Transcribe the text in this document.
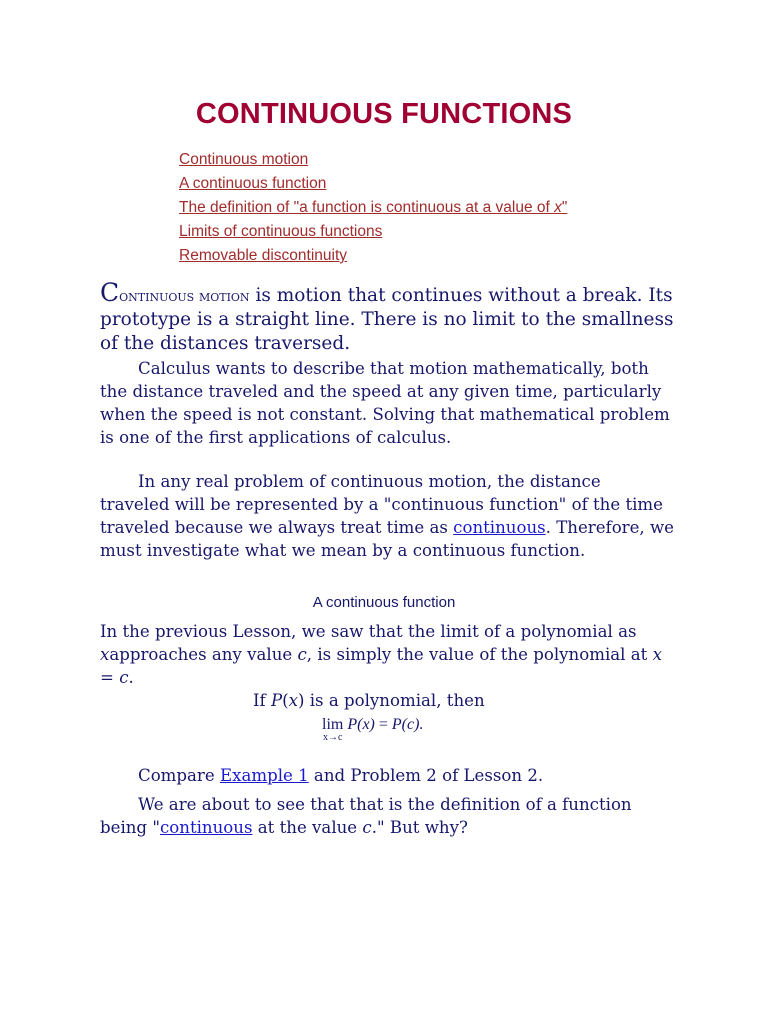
CONTINUOUS FUNCTIONS
Continuous motion
A continuous function
The definition of "a function is continuous at a value of x"
Limits of continuous functions
Removable discontinuity

Continuous motion is motion that continues without a break. Its prototype is a straight line. There is no limit to the smallness of the distances traversed.

Calculus wants to describe that motion mathematically, both the distance traveled and the speed at any given time, particularly when the speed is not constant. Solving that mathematical problem is one of the first applications of calculus.

In any real problem of continuous motion, the distance traveled will be represented by a "continuous function" of the time traveled because we always treat time as continuous. Therefore, we must investigate what we mean by a continuous function.

A continuous function

In the previous Lesson, we saw that the limit of a polynomial as xapproaches any value c, is simply the value of the polynomial at x = c.

If P(x) is a polynomial, then

lim
x→c
P(x) = P(c).

Compare Example 1 and Problem 2 of Lesson 2.

We are about to see that that is the definition of a function being "continuous at the value c." But why?
